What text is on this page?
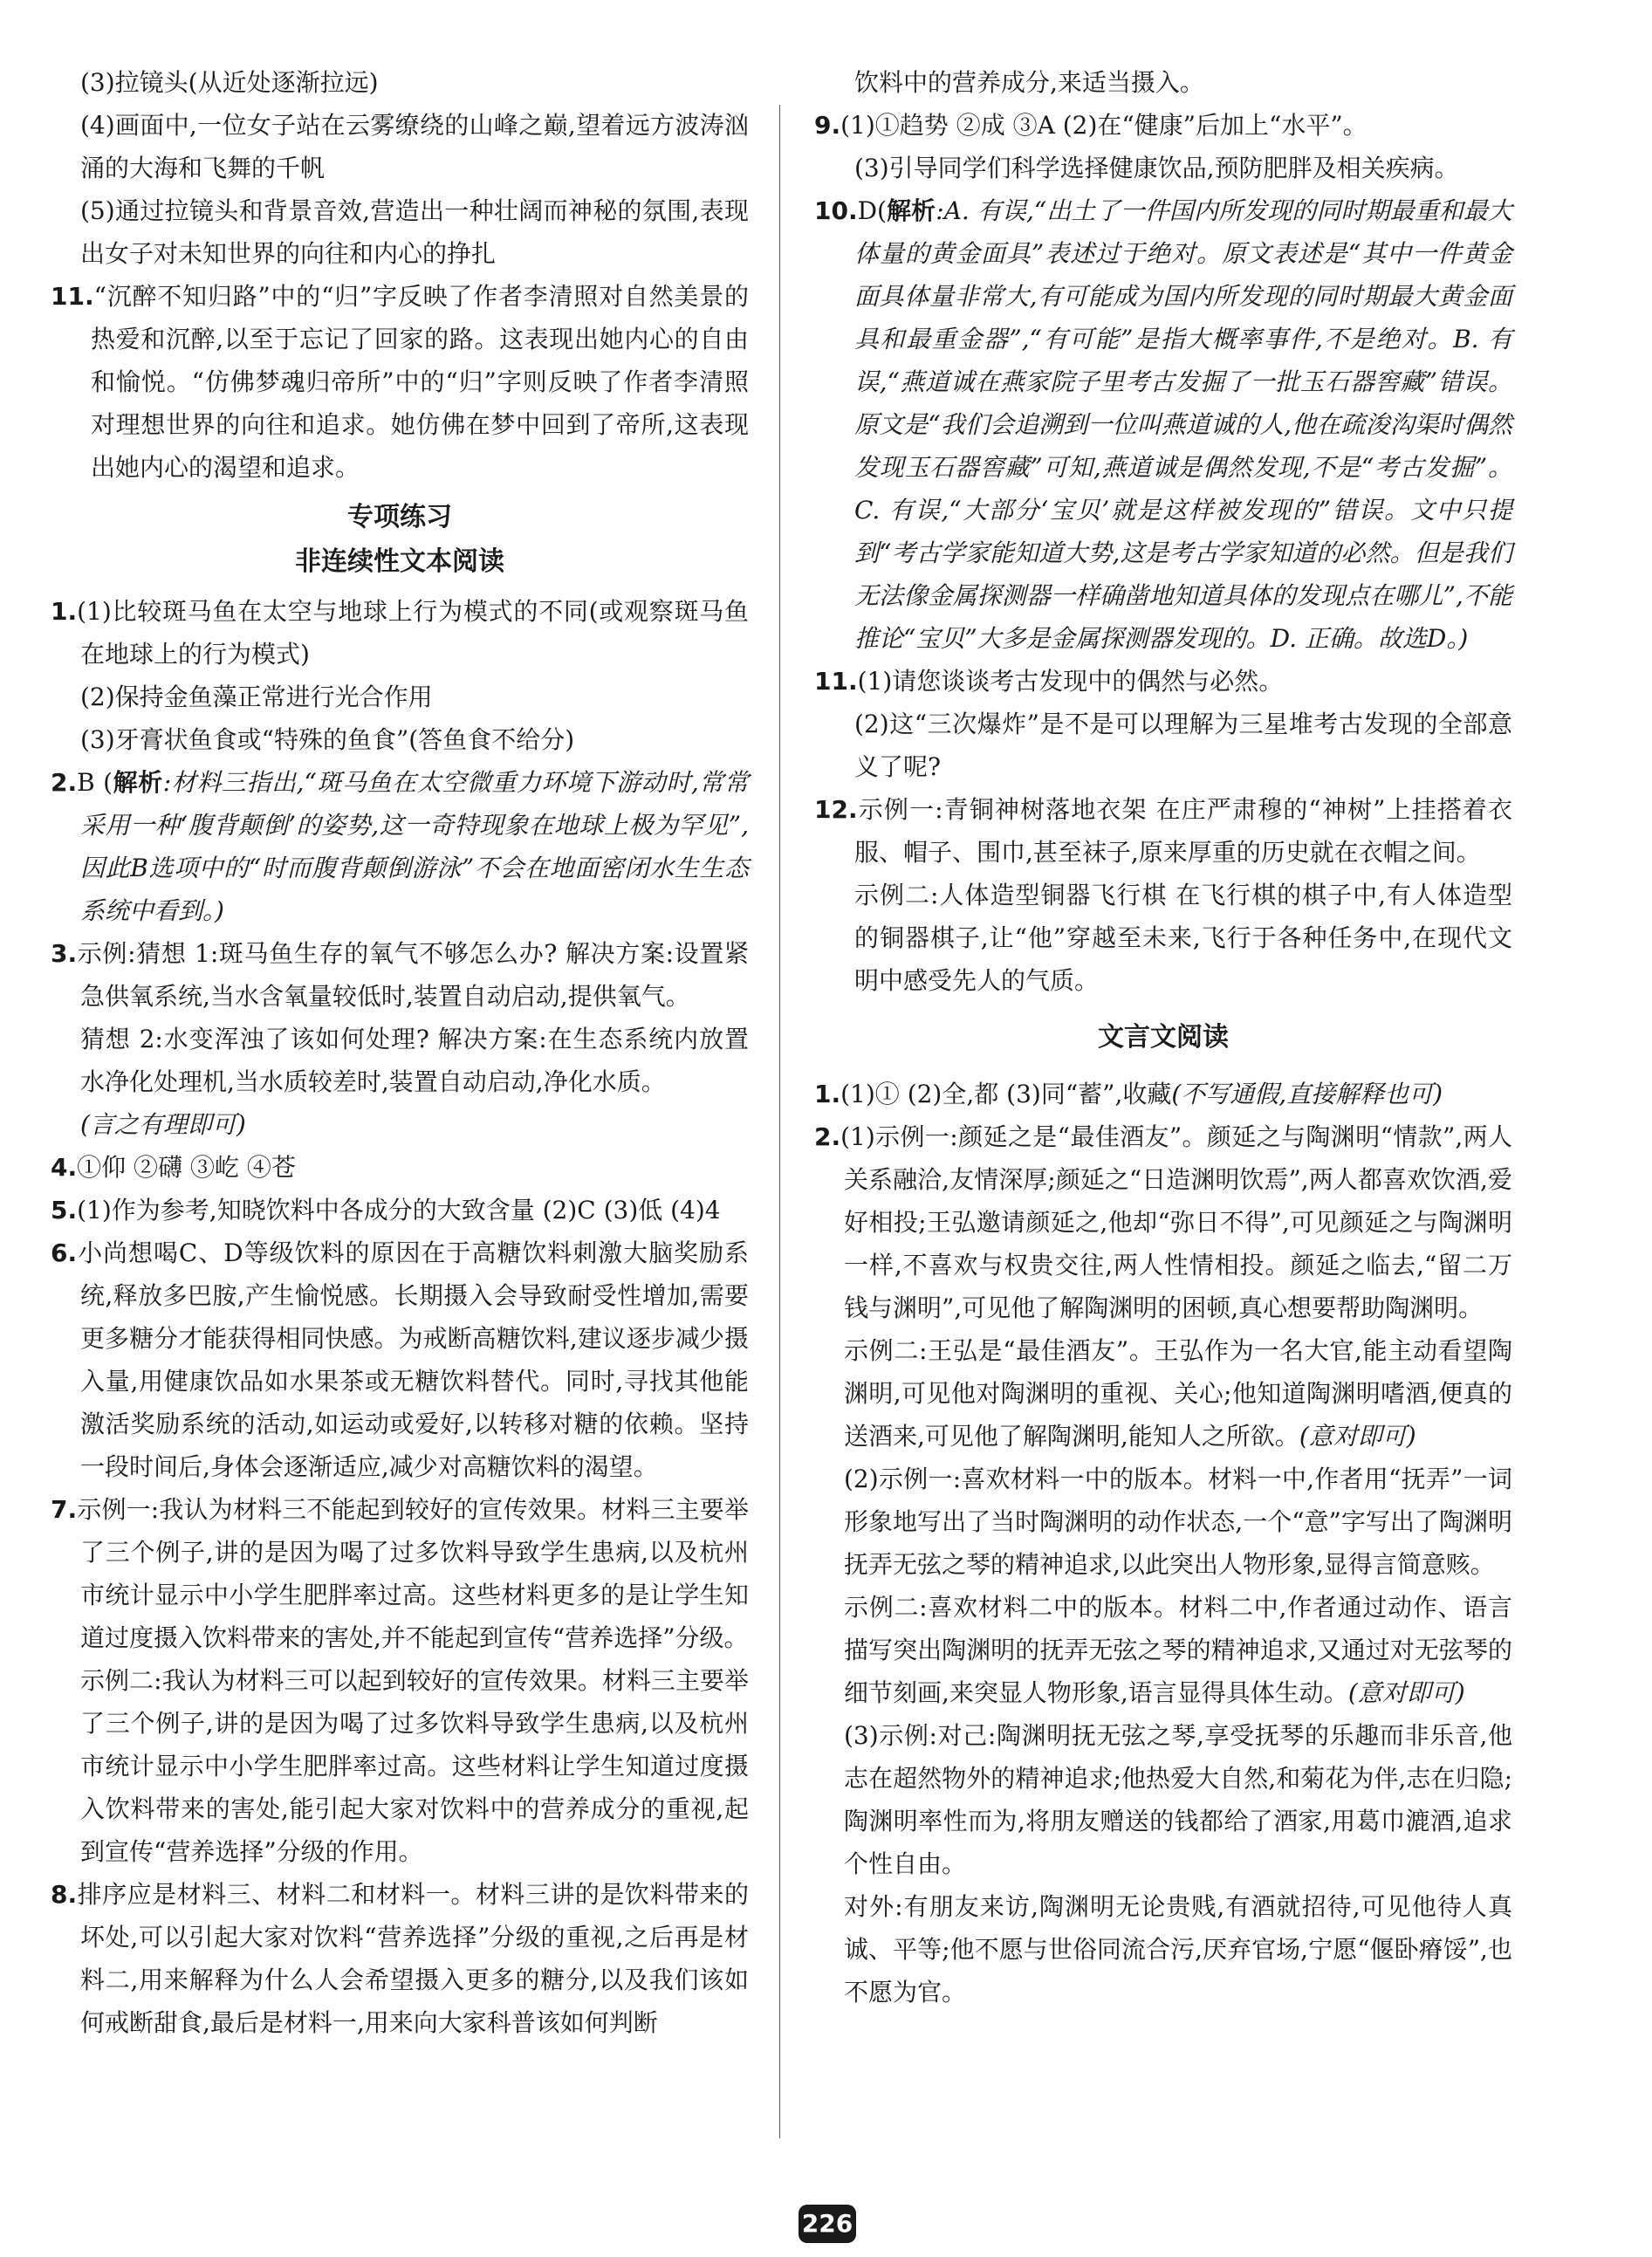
(3)拉镜头(从近处逐渐拉远)

(4)画面中,一位女子站在云雾缭绕的山峰之巅,望着远方波涛汹涌的大海和飞舞的千帆

(5)通过拉镜头和背景音效,营造出一种壮阔而神秘的氛围,表现出女子对未知世界的向往和内心的挣扎

11.“沉醉不知归路”中的“归”字反映了作者李清照对自然美景的热爱和沉醉,以至于忘记了回家的路。这表现出她内心的自由和愉悦。“仿佛梦魂归帝所”中的“归”字则反映了作者李清照对理想世界的向往和追求。她仿佛在梦中回到了帝所,这表现出她内心的渴望和追求。

专项练习
非连续性文本阅读

1.(1)比较斑马鱼在太空与地球上行为模式的不同(或观察斑马鱼在地球上的行为模式)

(2)保持金鱼藻正常进行光合作用

(3)牙膏状鱼食或“特殊的鱼食”(答鱼食不给分)

2.B (解析:材料三指出,“斑马鱼在太空微重力环境下游动时,常常采用一种‘腹背颠倒’的姿势,这一奇特现象在地球上极为罕见”,因此B选项中的“时而腹背颠倒游泳”不会在地面密闭水生生态系统中看到。)

3.示例:猜想 1:斑马鱼生存的氧气不够怎么办? 解决方案:设置紧急供氧系统,当水含氧量较低时,装置自动启动,提供氧气。

猜想 2:水变浑浊了该如何处理? 解决方案:在生态系统内放置水净化处理机,当水质较差时,装置自动启动,净化水质。

(言之有理即可)

4.①仰 ②礴 ③屹 ④苍

5.(1)作为参考,知晓饮料中各成分的大致含量 (2)C (3)低 (4)4

6.小尚想喝C、D等级饮料的原因在于高糖饮料刺激大脑奖励系统,释放多巴胺,产生愉悦感。长期摄入会导致耐受性增加,需要更多糖分才能获得相同快感。为戒断高糖饮料,建议逐步减少摄入量,用健康饮品如水果茶或无糖饮料替代。同时,寻找其他能激活奖励系统的活动,如运动或爱好,以转移对糖的依赖。坚持一段时间后,身体会逐渐适应,减少对高糖饮料的渴望。

7.示例一:我认为材料三不能起到较好的宣传效果。材料三主要举了三个例子,讲的是因为喝了过多饮料导致学生患病,以及杭州市统计显示中小学生肥胖率过高。这些材料更多的是让学生知道过度摄入饮料带来的害处,并不能起到宣传“营养选择”分级。

示例二:我认为材料三可以起到较好的宣传效果。材料三主要举了三个例子,讲的是因为喝了过多饮料导致学生患病,以及杭州市统计显示中小学生肥胖率过高。这些材料让学生知道过度摄入饮料带来的害处,能引起大家对饮料中的营养成分的重视,起到宣传“营养选择”分级的作用。

8.排序应是材料三、材料二和材料一。材料三讲的是饮料带来的坏处,可以引起大家对饮料“营养选择”分级的重视,之后再是材料二,用来解释为什么人会希望摄入更多的糖分,以及我们该如何戒断甜食,最后是材料一,用来向大家科普该如何判断

饮料中的营养成分,来适当摄入。

9.(1)①趋势 ②成 ③A (2)在“健康”后加上“水平”。

(3)引导同学们科学选择健康饮品,预防肥胖及相关疾病。

10.D(解析:A. 有误,“出土了一件国内所发现的同时期最重和最大体量的黄金面具”表述过于绝对。原文表述是“其中一件黄金面具体量非常大,有可能成为国内所发现的同时期最大黄金面具和最重金器”,“有可能”是指大概率事件,不是绝对。B. 有误,“燕道诚在燕家院子里考古发掘了一批玉石器窖藏”错误。原文是“我们会追溯到一位叫燕道诚的人,他在疏浚沟渠时偶然发现玉石器窖藏”可知,燕道诚是偶然发现,不是“考古发掘”。C. 有误,“大部分‘宝贝’就是这样被发现的”错误。文中只提到“考古学家能知道大势,这是考古学家知道的必然。但是我们无法像金属探测器一样确凿地知道具体的发现点在哪儿”,不能推论“宝贝”大多是金属探测器发现的。D. 正确。故选D。)

11.(1)请您谈谈考古发现中的偶然与必然。

(2)这“三次爆炸”是不是可以理解为三星堆考古发现的全部意义了呢?

12.示例一:青铜神树落地衣架 在庄严肃穆的“神树”上挂搭着衣服、帽子、围巾,甚至袜子,原来厚重的历史就在衣帽之间。

示例二:人体造型铜器飞行棋 在飞行棋的棋子中,有人体造型的铜器棋子,让“他”穿越至未来,飞行于各种任务中,在现代文明中感受先人的气质。

文言文阅读

1.(1)① (2)全,都 (3)同“蓄”,收藏(不写通假,直接解释也可)

2.(1)示例一:颜延之是“最佳酒友”。颜延之与陶渊明“情款”,两人关系融洽,友情深厚;颜延之“日造渊明饮焉”,两人都喜欢饮酒,爱好相投;王弘邀请颜延之,他却“弥日不得”,可见颜延之与陶渊明一样,不喜欢与权贵交往,两人性情相投。颜延之临去,“留二万钱与渊明”,可见他了解陶渊明的困顿,真心想要帮助陶渊明。

示例二:王弘是“最佳酒友”。王弘作为一名大官,能主动看望陶渊明,可见他对陶渊明的重视、关心;他知道陶渊明嗜酒,便真的送酒来,可见他了解陶渊明,能知人之所欲。(意对即可)

(2)示例一:喜欢材料一中的版本。材料一中,作者用“抚弄”一词形象地写出了当时陶渊明的动作状态,一个“意”字写出了陶渊明抚弄无弦之琴的精神追求,以此突出人物形象,显得言简意赅。

示例二:喜欢材料二中的版本。材料二中,作者通过动作、语言描写突出陶渊明的抚弄无弦之琴的精神追求,又通过对无弦琴的细节刻画,来突显人物形象,语言显得具体生动。(意对即可)

(3)示例:对己:陶渊明抚无弦之琴,享受抚琴的乐趣而非乐音,他志在超然物外的精神追求;他热爱大自然,和菊花为伴,志在归隐;陶渊明率性而为,将朋友赠送的钱都给了酒家,用葛巾漉酒,追求个性自由。

对外:有朋友来访,陶渊明无论贵贱,有酒就招待,可见他待人真诚、平等;他不愿与世俗同流合污,厌弃官场,宁愿“偃卧瘠馁”,也不愿为官。

226
